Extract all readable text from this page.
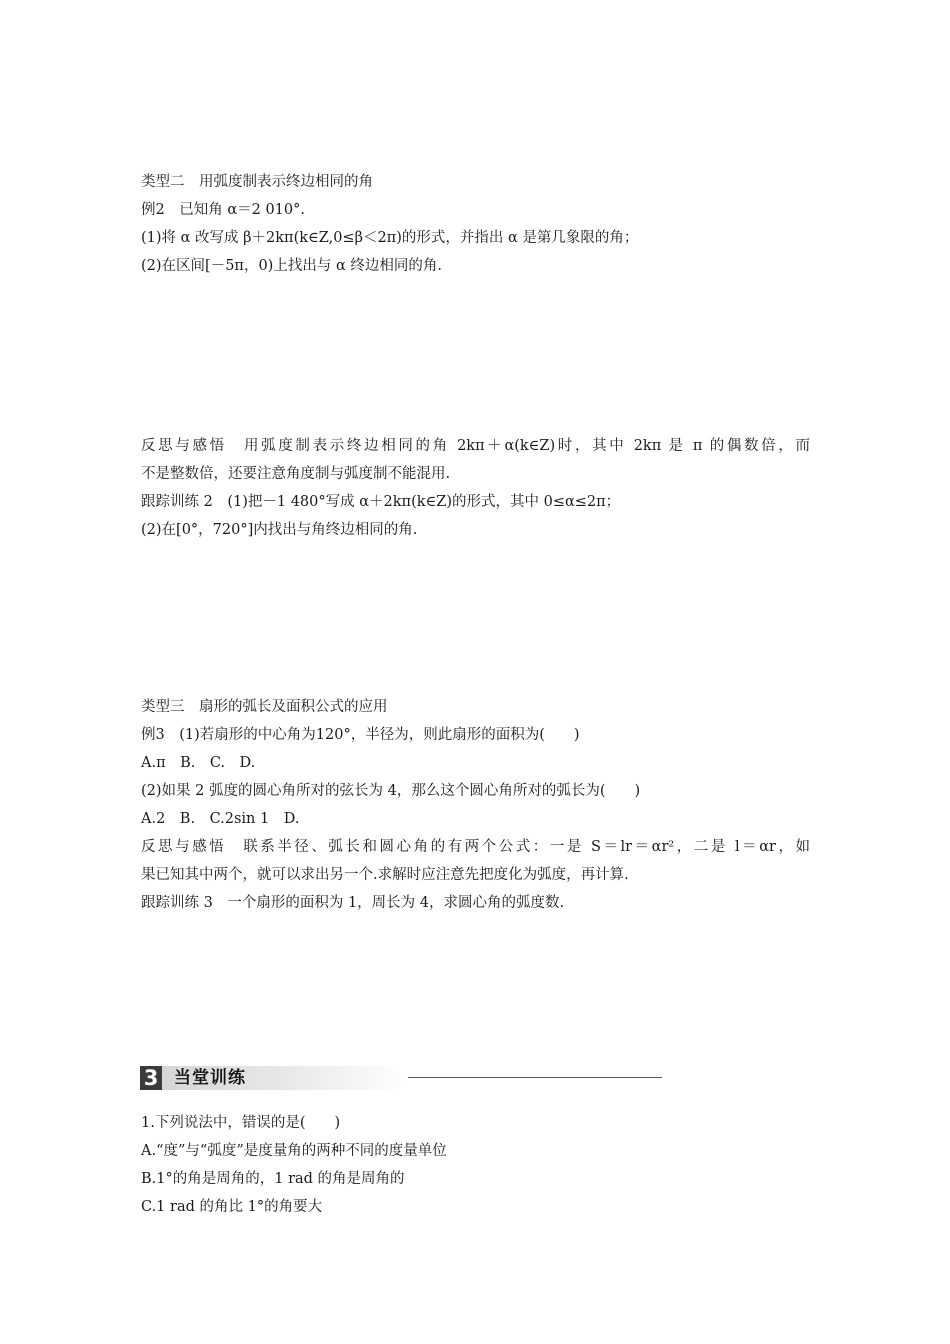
类型二　用弧度制表示终边相同的角
例2　已知角 α＝2 010°.
(1)将 α 改写成 β＋2kπ(k∈Z,0≤β＜2π)的形式，并指出 α 是第几象限的角；
(2)在区间[－5π，0)上找出与 α 终边相同的角.
反思与感悟　用弧度制表示终边相同的角 2kπ＋α(k∈Z)时，其中 2kπ 是 π 的偶数倍，而
不是整数倍，还要注意角度制与弧度制不能混用.
跟踪训练 2　(1)把－1 480°写成 α＋2kπ(k∈Z)的形式，其中 0≤α≤2π；
(2)在[0°，720°]内找出与角终边相同的角.
类型三　扇形的弧长及面积公式的应用
例3　(1)若扇形的中心角为120°，半径为，则此扇形的面积为(　　)
A.π　B.　C.　D.
(2)如果 2 弧度的圆心角所对的弦长为 4，那么这个圆心角所对的弧长为(　　)
A.2　B.　C.2sin 1　D.
反思与感悟　联系半径、弧长和圆心角的有两个公式：一是 S＝lr＝αr²，二是 l＝αr，如
果已知其中两个，就可以求出另一个.求解时应注意先把度化为弧度，再计算.
跟踪训练 3　一个扇形的面积为 1，周长为 4，求圆心角的弧度数.
3 当堂训练
1.下列说法中，错误的是(　　)
A.“度”与“弧度”是度量角的两种不同的度量单位
B.1°的角是周角的，1 rad 的角是周角的
C.1 rad 的角比 1°的角要大
